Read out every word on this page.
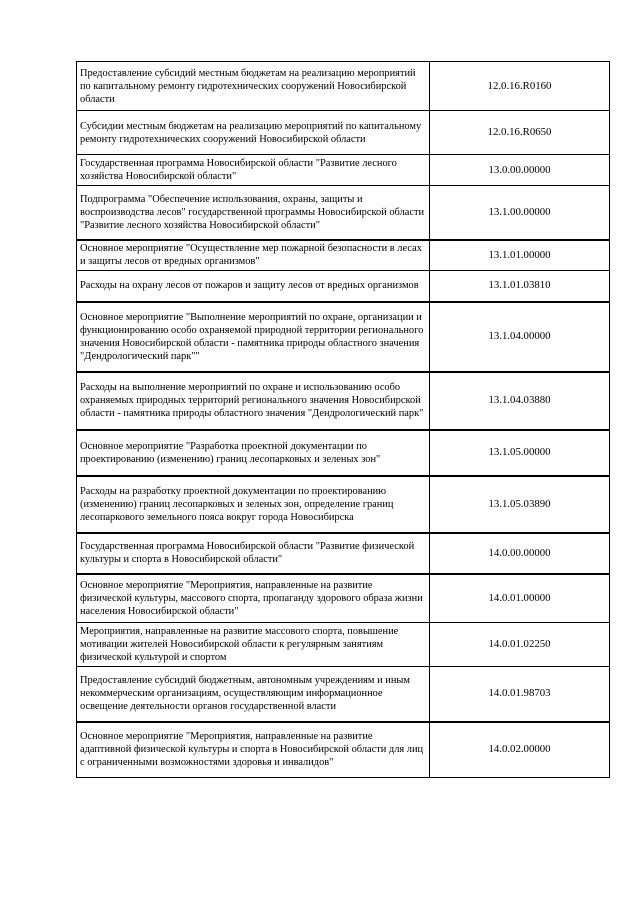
Предоставление субсидий местным бюджетам на реализацию мероприятий по капитальному ремонту гидротехнических сооружений Новосибирской области	12.0.16.R0160
Субсидии местным бюджетам на реализацию мероприятий по капитальному ремонту гидротехнических сооружений Новосибирской области	12.0.16.R0650
Государственная программа Новосибирской области "Развитие лесного хозяйства Новосибирской области"	13.0.00.00000
Подпрограмма "Обеспечение использования, охраны, защиты и воспроизводства лесов" государственной программы Новосибирской области "Развитие лесного хозяйства Новосибирской области"	13.1.00.00000
Основное мероприятие "Осуществление мер пожарной безопасности в лесах и защиты лесов от вредных организмов"	13.1.01.00000
Расходы на охрану лесов от пожаров и защиту лесов от вредных организмов	13.1.01.03810
Основное мероприятие "Выполнение мероприятий по охране, организации и функционированию особо охраняемой природной территории регионального значения Новосибирской области - памятника природы областного значения "Дендрологический парк""	13.1.04.00000
Расходы на выполнение мероприятий по охране и использованию особо охраняемых природных территорий регионального значения Новосибирской области - памятника природы областного значения "Дендрологический парк"	13.1.04.03880
Основное мероприятие "Разработка проектной документации по проектированию (изменению) границ лесопарковых и зеленых зон"	13.1.05.00000
Расходы на разработку проектной документации по проектированию (изменению) границ лесопарковых и зеленых зон, определение границ лесопаркового земельного пояса вокруг города Новосибирска	13.1.05.03890
Государственная программа Новосибирской области "Развитие физической культуры и спорта в Новосибирской области"	14.0.00.00000
Основное мероприятие "Мероприятия, направленные на развитие физической культуры, массового спорта, пропаганду здорового образа жизни населения Новосибирской области"	14.0.01.00000
Мероприятия, направленные на развитие массового спорта, повышение мотивации жителей Новосибирской области к регулярным занятиям физической культурой и спортом	14.0.01.02250
Предоставление субсидий бюджетным, автономным учреждениям и иным некоммерческим организациям, осуществляющим информационное освещение деятельности органов государственной власти	14.0.01.98703
Основное мероприятие "Мероприятия, направленные на развитие адаптивной физической культуры и спорта в Новосибирской области для лиц с ограниченными возможностями здоровья и инвалидов"	14.0.02.00000
